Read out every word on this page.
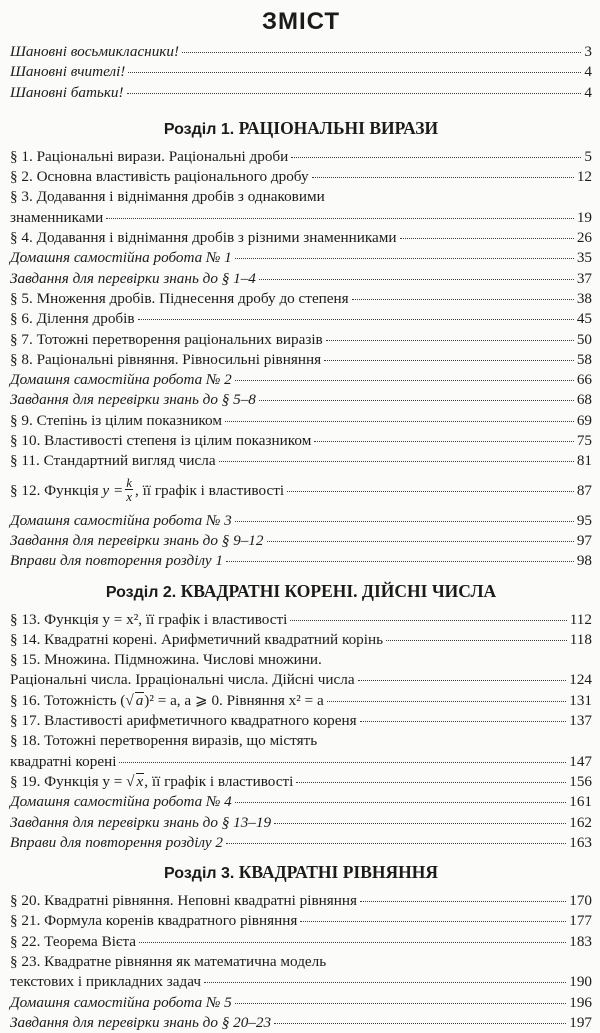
ЗМІСТ
Шановні восьмикласники!	3
Шановні вчителі!	4
Шановні батьки!	4
Розділ 1. РАЦІОНАЛЬНІ ВИРАЗИ
§ 1. Раціональні вирази. Раціональні дроби	5
§ 2. Основна властивість раціонального дробу	12
§ 3. Додавання і віднімання дробів з однаковими
знаменниками	19
§ 4. Додавання і віднімання дробів з різними знаменниками	26
Домашня самостійна робота № 1	35
Завдання для перевірки знань до § 1–4	37
§ 5. Множення дробів. Піднесення дробу до степеня	38
§ 6. Ділення дробів	45
§ 7. Тотожні перетворення раціональних виразів	50
§ 8. Раціональні рівняння. Рівносильні рівняння	58
Домашня самостійна робота № 2	66
Завдання для перевірки знань до § 5–8	68
§ 9. Степінь із цілим показником	69
§ 10. Властивості степеня із цілим показником	75
§ 11. Стандартний вигляд числа	81
§ 12. Функція $y = \frac{k}{x}$ , її графік і властивості	87
Домашня самостійна робота № 3	95
Завдання для перевірки знань до § 9–12	97
Вправи для повторення розділу 1	98
Розділ 2. КВАДРАТНІ КОРЕНІ. ДІЙСНІ ЧИСЛА
§ 13. Функція y = x², її графік і властивості	112
§ 14. Квадратні корені. Арифметичний квадратний корінь	118
§ 15. Множина. Підмножина. Числові множини.
Раціональні числа. Ірраціональні числа. Дійсні числа	124
§ 16. Тотожність (√ a)² = a, a ⩾ 0. Рівняння x² = a	131
§ 17. Властивості арифметичного квадратного кореня	137
§ 18. Тотожні перетворення виразів, що містять
квадратні корені	147
§ 19. Функція y = √ x, її графік і властивості	156
Домашня самостійна робота № 4	161
Завдання для перевірки знань до § 13–19	162
Вправи для повторення розділу 2	163
Розділ 3. КВАДРАТНІ РІВНЯННЯ
§ 20. Квадратні рівняння. Неповні квадратні рівняння	170
§ 21. Формула коренів квадратного рівняння	177
§ 22. Теорема Вієта	183
§ 23. Квадратне рівняння як математична модель
текстових і прикладних задач	190
Домашня самостійна робота № 5	196
Завдання для перевірки знань до § 20–23	197
